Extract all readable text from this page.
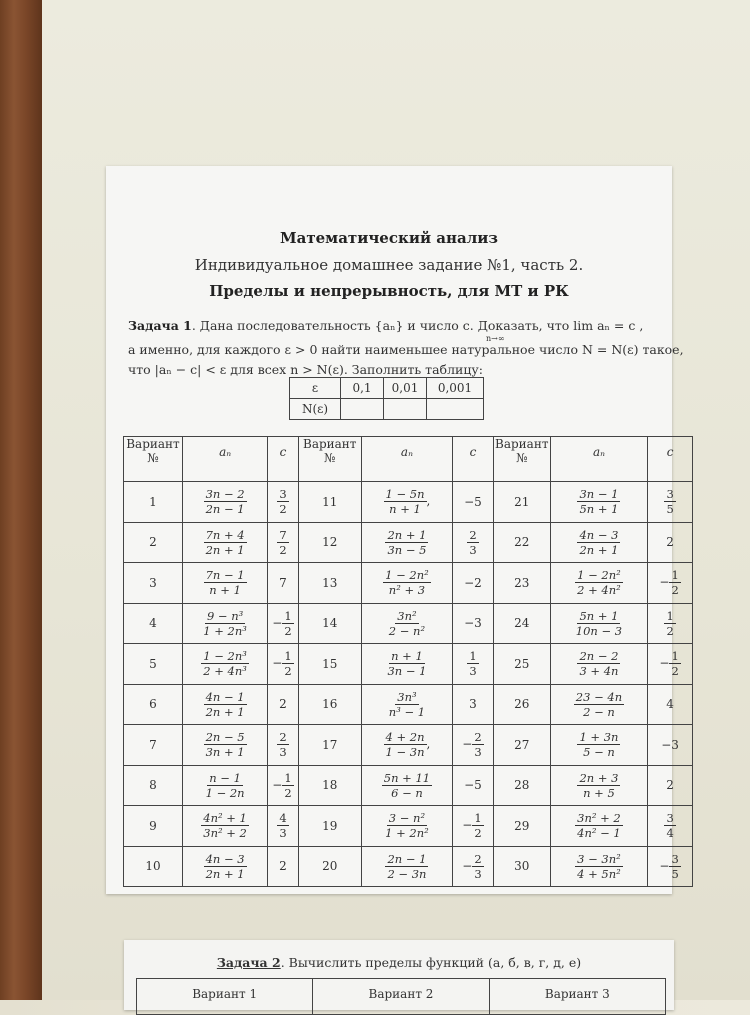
Математический анализ
Индивидуальное домашнее задание №1, часть 2.
Пределы и непрерывность, для МТ и РК
Задача 1. Дана последовательность {aₙ} и число c. Доказать, что lim aₙ = c ,
n→∞
а именно, для каждого ε > 0 найти наименьшее натуральное число N = N(ε) такое,
что |aₙ − c| < ε для всех n > N(ε). Заполнить таблицу:
ε	0,1	0,01	0,001
N(ε)			
Вариант №	aₙ	c	Вариант №	aₙ	c	Вариант №	aₙ	c
1	$\frac{3n - 2}{2n - 1}$	$\frac{3}{2}$	11	$\frac{1 - 5n}{n + 1}$ ,	−5	21	$\frac{3n - 1}{5n + 1}$	$\frac{3}{5}$

2	$\frac{7n + 4}{2n + 1}$	$\frac{7}{2}$	12	$\frac{2n + 1}{3n - 5}$	$\frac{2}{3}$	22	$\frac{4n - 3}{2n + 1}$	2
3	$\frac{7n - 1}{n + 1}$	7	13	$\frac{\text{1 − 2n²}}{\text{n² + 3}}$	−2	23	$\frac{\text{1 − 2n²}}{\text{2 + 4n²}}$	− $\frac{1}{2}$

4	$\frac{\text{9 − n³}}{\text{1 + 2n³}}$	− $\frac{1}{2}$	14	$\frac{\text{3n²}}{\text{2 − n²}}$	−3	24	$\frac{5n + 1}{10n - 3}$	$\frac{1}{2}$

5	$\frac{\text{1 − 2n³}}{\text{2 + 4n³}}$	− $\frac{1}{2}$	15	$\frac{n + 1}{3n - 1}$	$\frac{1}{3}$	25	$\frac{2n - 2}{3 + 4n}$	− $\frac{1}{2}$

6	$\frac{4n - 1}{2n + 1}$	2	16	$\frac{\text{3n³}}{\text{n³ − 1}}$	3	26	$\frac{23 - 4n}{2 - n}$	4
7	$\frac{2n - 5}{3n + 1}$	$\frac{2}{3}$	17	$\frac{4 + 2n}{1 - 3n}$ ,	− $\frac{2}{3}$	27	$\frac{1 + 3n}{5 - n}$	−3
8	$\frac{n - 1}{1 - 2n}$	− $\frac{1}{2}$	18	$\frac{5n + 11}{6 - n}$	−5	28	$\frac{2n + 3}{n + 5}$	2
9	$\frac{\text{4n² + 1}}{\text{3n² + 2}}$	$\frac{4}{3}$	19	$\frac{\text{3 − n²}}{\text{1 + 2n²}}$	− $\frac{1}{2}$	29	$\frac{\text{3n² + 2}}{\text{4n² − 1}}$	$\frac{3}{4}$

10	$\frac{4n - 3}{2n + 1}$	2	20	$\frac{2n - 1}{2 - 3n}$	− $\frac{2}{3}$	30	$\frac{\text{3 − 3n²}}{\text{4 + 5n²}}$	− $\frac{3}{5}$
Задача 2. Вычислить пределы функций (а, б, в, г, д, е)
Вариант 1	Вариант 2	Вариант 3
